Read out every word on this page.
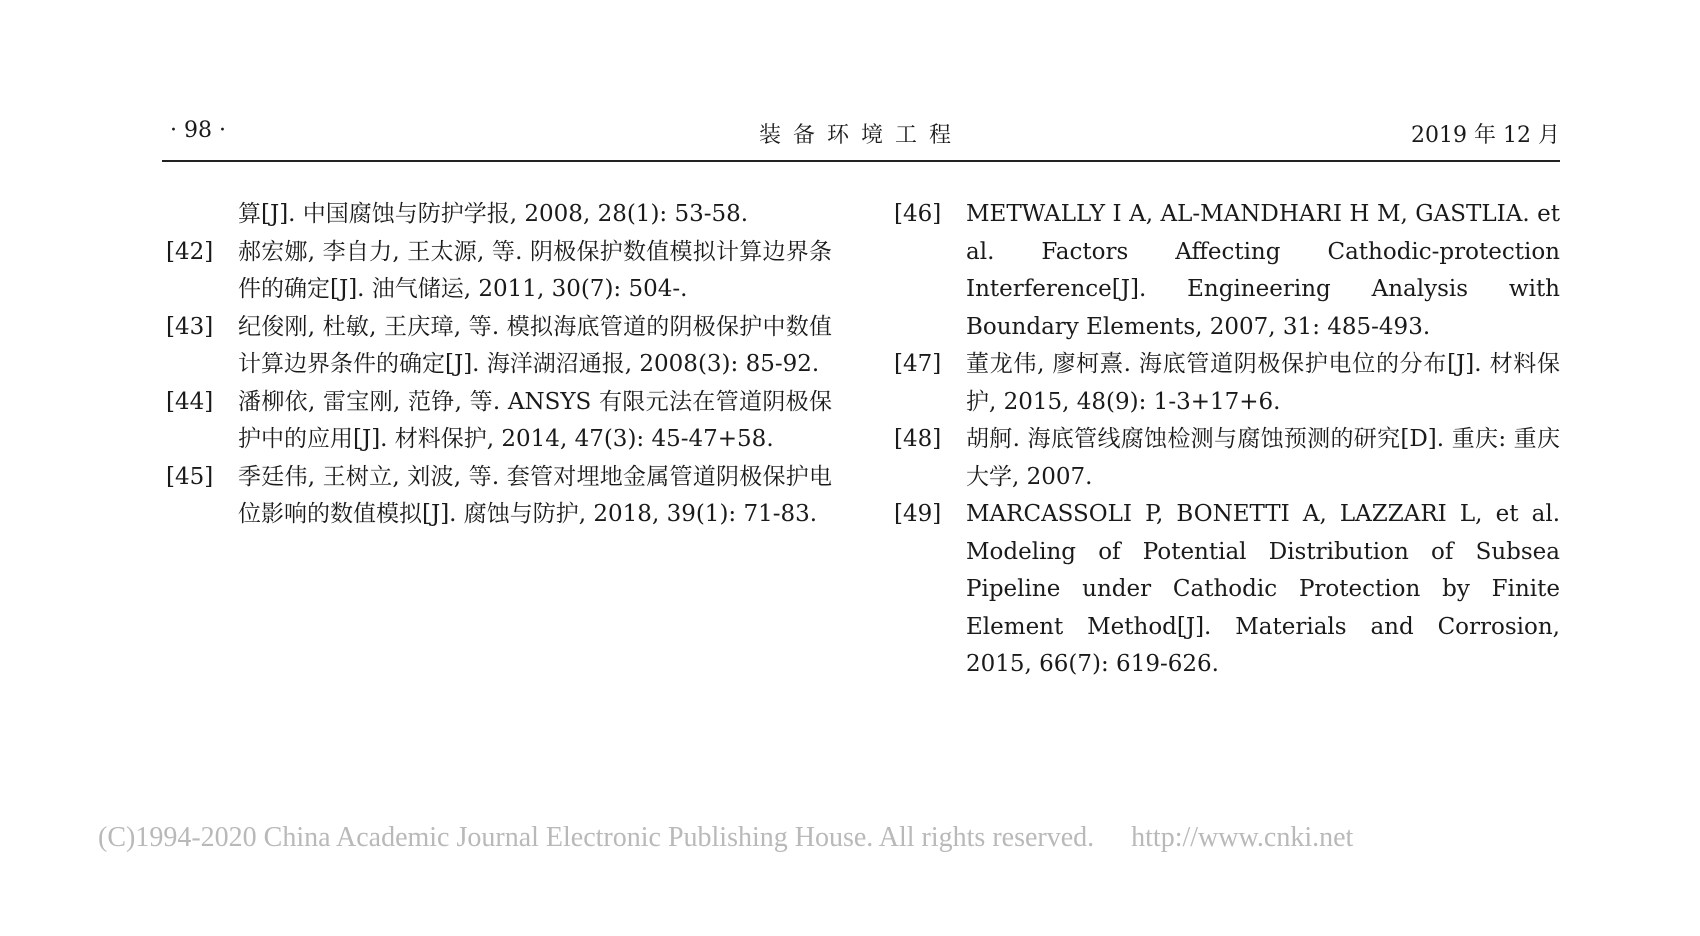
· 98 ·	装备环境工程	2019 年 12 月
算[J]. 中国腐蚀与防护学报, 2008, 28(1): 53-58.
[42] 郝宏娜, 李自力, 王太源, 等. 阴极保护数值模拟计算边界条件的确定[J]. 油气储运, 2011, 30(7): 504-.
[43] 纪俊刚, 杜敏, 王庆璋, 等. 模拟海底管道的阴极保护中数值计算边界条件的确定[J]. 海洋湖沼通报, 2008(3): 85-92.
[44] 潘柳依, 雷宝刚, 范铮, 等. ANSYS 有限元法在管道阴极保护中的应用[J]. 材料保护, 2014, 47(3): 45-47+58.
[45] 季廷伟, 王树立, 刘波, 等. 套管对埋地金属管道阴极保护电位影响的数值模拟[J]. 腐蚀与防护, 2018, 39(1): 71-83.
[46] METWALLY I A, AL-MANDHARI H M, GASTLIA. et al. Factors Affecting Cathodic-protection Interference[J]. Engineering Analysis with Boundary Elements, 2007, 31: 485-493.
[47] 董龙伟, 廖柯熹. 海底管道阴极保护电位的分布[J]. 材料保护, 2015, 48(9): 1-3+17+6.
[48] 胡舸. 海底管线腐蚀检测与腐蚀预测的研究[D]. 重庆: 重庆大学, 2007.
[49] MARCASSOLI P, BONETTI A, LAZZARI L, et al. Modeling of Potential Distribution of Subsea Pipeline under Cathodic Protection by Finite Element Method[J]. Materials and Corrosion, 2015, 66(7): 619-626.
(C)1994-2020 China Academic Journal Electronic Publishing House. All rights reserved. http://www.cnki.net
